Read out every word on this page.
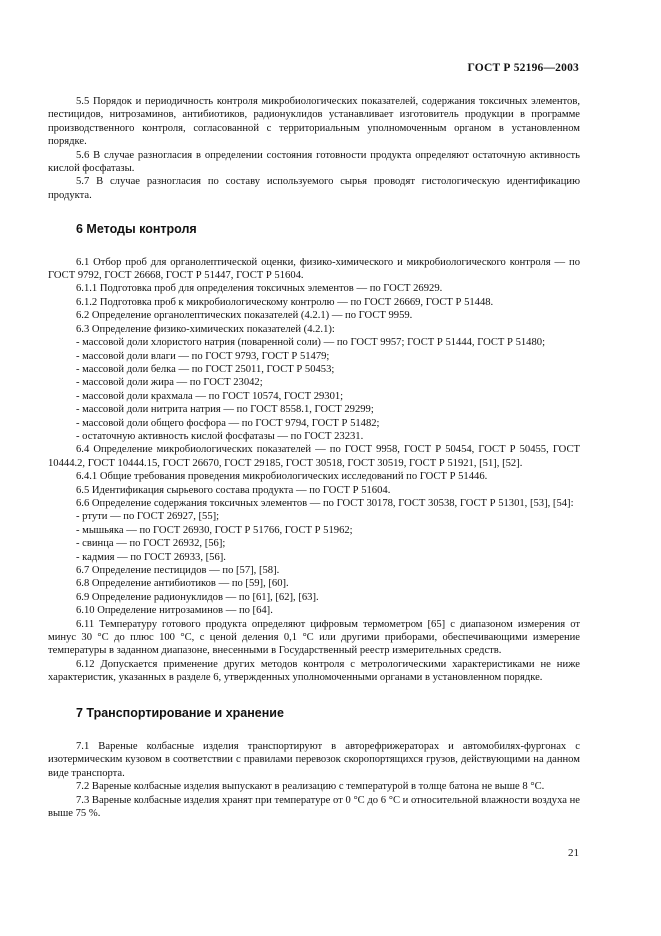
ГОСТ Р 52196—2003

5.5 Порядок и периодичность контроля микробиологических показателей, содержания токсичных элементов, пестицидов, нитрозаминов, антибиотиков, радионуклидов устанавливает изготовитель продукции в программе производственного контроля, согласованной с территориальным уполномоченным органом в установленном порядке.

5.6 В случае разногласия в определении состояния готовности продукта определяют остаточную активность кислой фосфатазы.

5.7 В случае разногласия по составу используемого сырья проводят гистологическую идентификацию продукта.

6 Методы контроля

6.1 Отбор проб для органолептической оценки, физико-химического и микробиологического контроля — по ГОСТ 9792, ГОСТ 26668, ГОСТ Р 51447, ГОСТ Р 51604.

6.1.1 Подготовка проб для определения токсичных элементов — по ГОСТ 26929.

6.1.2 Подготовка проб к микробиологическому контролю — по ГОСТ 26669, ГОСТ Р 51448.

6.2 Определение органолептических показателей (4.2.1) — по ГОСТ 9959.

6.3 Определение физико-химических показателей (4.2.1):

- массовой доли хлористого натрия (поваренной соли) — по ГОСТ 9957; ГОСТ Р 51444, ГОСТ Р 51480;

- массовой доли влаги — по ГОСТ 9793, ГОСТ Р 51479;

- массовой доли белка — по ГОСТ 25011, ГОСТ Р 50453;

- массовой доли жира — по ГОСТ 23042;

- массовой доли крахмала — по ГОСТ 10574, ГОСТ 29301;

- массовой доли нитрита натрия — по ГОСТ 8558.1, ГОСТ 29299;

- массовой доли общего фосфора — по ГОСТ 9794, ГОСТ Р 51482;

- остаточную активность кислой фосфатазы — по ГОСТ 23231.

6.4 Определение микробиологических показателей — по ГОСТ 9958, ГОСТ Р 50454, ГОСТ Р 50455, ГОСТ 10444.2, ГОСТ 10444.15, ГОСТ 26670, ГОСТ 29185, ГОСТ 30518, ГОСТ 30519, ГОСТ Р 51921, [51], [52].

6.4.1 Общие требования проведения микробиологических исследований по ГОСТ Р 51446.

6.5 Идентификация сырьевого состава продукта — по ГОСТ Р 51604.

6.6 Определение содержания токсичных элементов — по ГОСТ 30178, ГОСТ 30538, ГОСТ Р 51301, [53], [54]:

- ртути — по ГОСТ 26927, [55];

- мышьяка — по ГОСТ 26930, ГОСТ Р 51766, ГОСТ Р 51962;

- свинца — по ГОСТ 26932, [56];

- кадмия — по ГОСТ 26933, [56].

6.7 Определение пестицидов — по [57], [58].

6.8 Определение антибиотиков — по [59], [60].

6.9 Определение радионуклидов — по [61], [62], [63].

6.10 Определение нитрозаминов — по [64].

6.11 Температуру готового продукта определяют цифровым термометром [65] с диапазоном измерения от минус 30 °С до плюс 100 °С, с ценой деления 0,1 °С или другими приборами, обеспечивающими измерение температуры в заданном диапазоне, внесенными в Государственный реестр измерительных средств.

6.12 Допускается применение других методов контроля с метрологическими характеристиками не ниже характеристик, указанных в разделе 6, утвержденных уполномоченными органами в установленном порядке.

7 Транспортирование и хранение

7.1 Вареные колбасные изделия транспортируют в авторефрижераторах и автомобилях-фургонах с изотермическим кузовом в соответствии с правилами перевозок скоропортящихся грузов, действующими на данном виде транспорта.

7.2 Вареные колбасные изделия выпускают в реализацию с температурой в толще батона не выше 8 °С.

7.3 Вареные колбасные изделия хранят при температуре от 0 °С до 6 °С и относительной влажности воздуха не выше 75 %.

21
